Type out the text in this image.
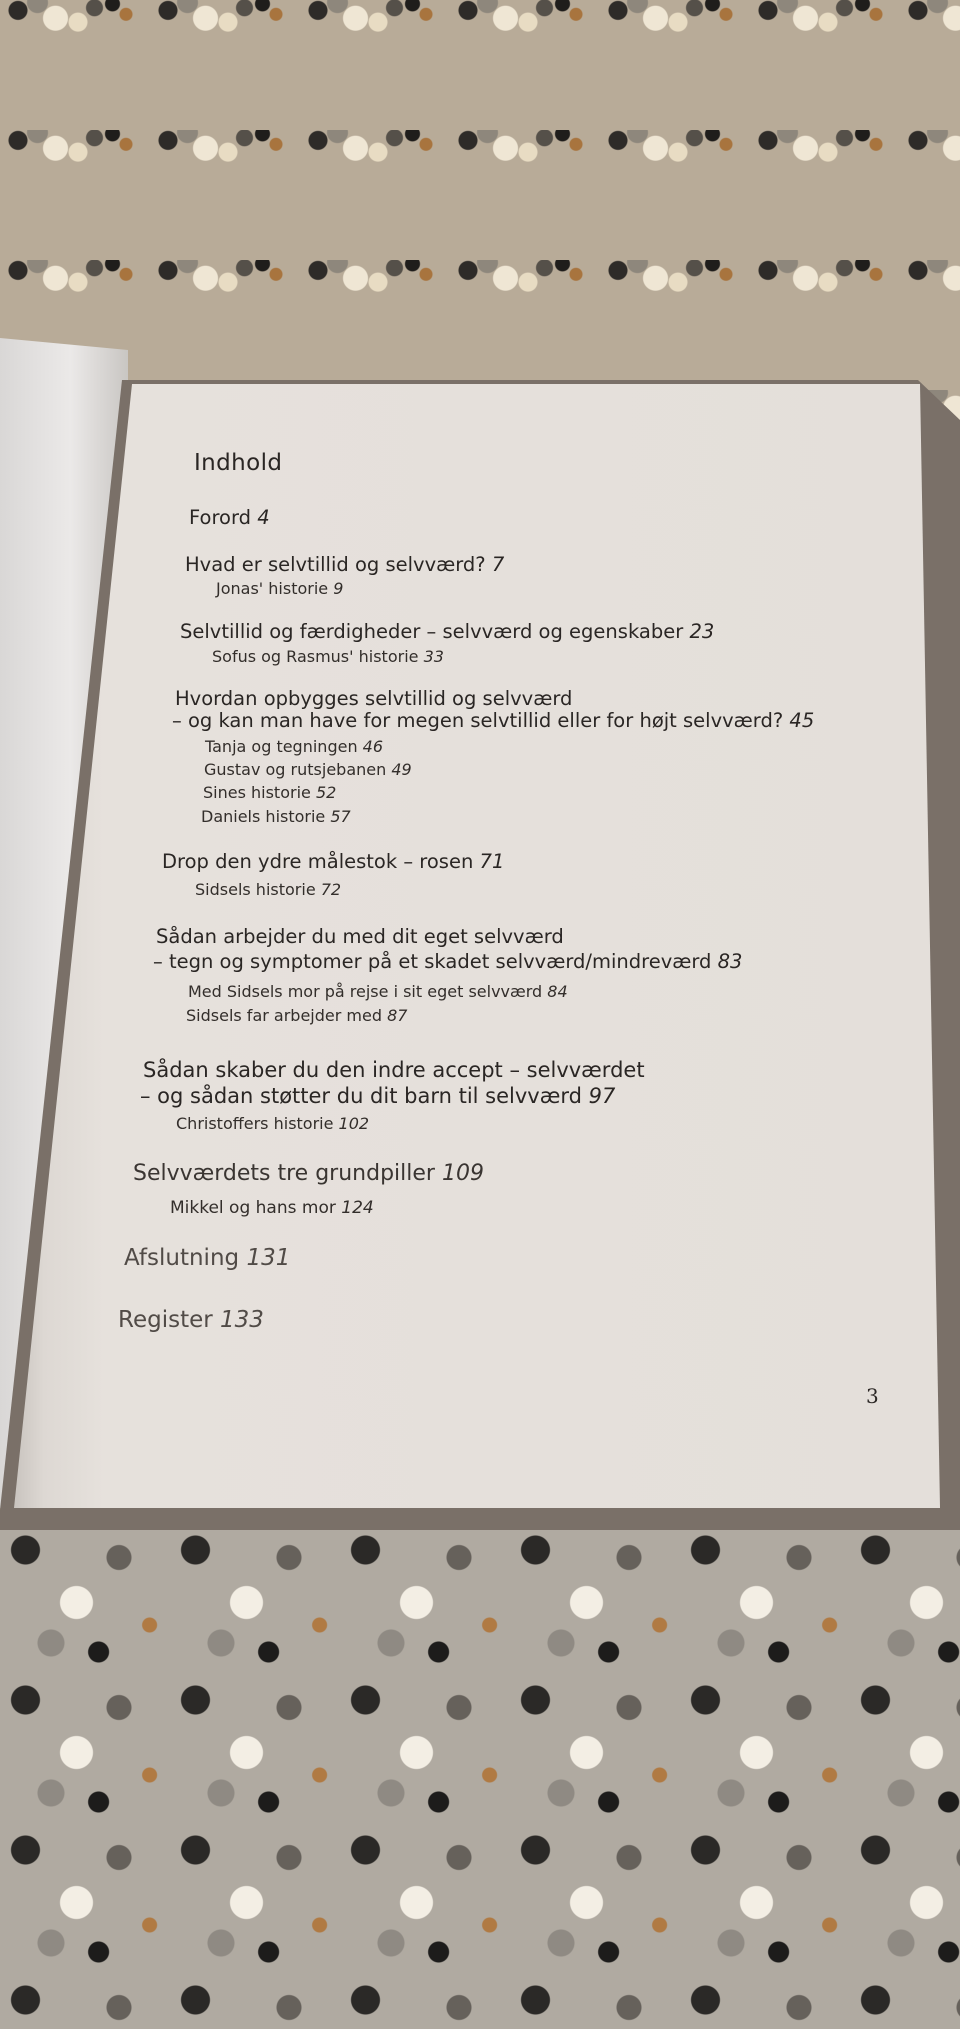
Indhold
Forord 4
Hvad er selvtillid og selvværd? 7
Jonas' historie 9
Selvtillid og færdigheder – selvværd og egenskaber 23
Sofus og Rasmus' historie 33
Hvordan opbygges selvtillid og selvværd
– og kan man have for megen selvtillid eller for højt selvværd? 45
Tanja og tegningen 46
Gustav og rutsjebanen 49
Sines historie 52
Daniels historie 57
Drop den ydre målestok – rosen 71
Sidsels historie 72
Sådan arbejder du med dit eget selvværd
– tegn og symptomer på et skadet selvværd/mindreværd 83
Med Sidsels mor på rejse i sit eget selvværd 84
Sidsels far arbejder med 87
Sådan skaber du den indre accept – selvværdet
– og sådan støtter du dit barn til selvværd 97
Christoffers historie 102
Selvværdets tre grundpiller 109
Mikkel og hans mor 124
Afslutning 131
Register 133
3
